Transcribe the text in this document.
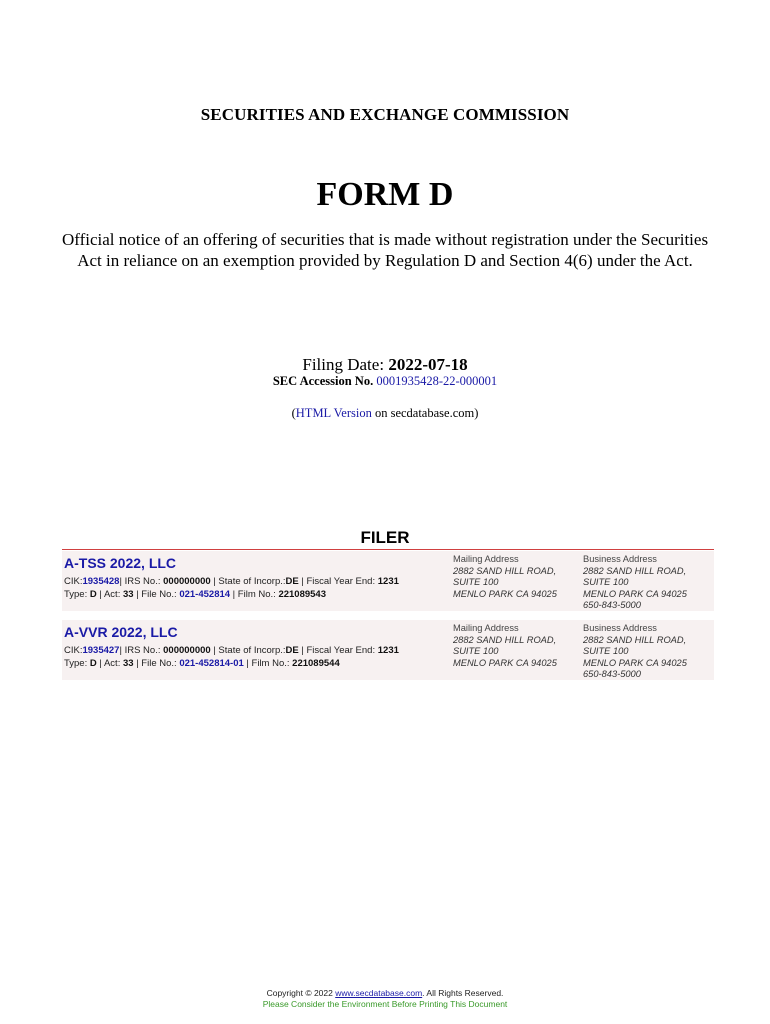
SECURITIES AND EXCHANGE COMMISSION
FORM D
Official notice of an offering of securities that is made without registration under the Securities Act in reliance on an exemption provided by Regulation D and Section 4(6) under the Act.
Filing Date: 2022-07-18
SEC Accession No. 0001935428-22-000001
(HTML Version on secdatabase.com)
FILER
A-TSS 2022, LLC
CIK:1935428| IRS No.: 000000000 | State of Incorp.:DE | Fiscal Year End: 1231
Type: D | Act: 33 | File No.: 021-452814 | Film No.: 221089543
Mailing Address
2882 SAND HILL ROAD,
SUITE 100
MENLO PARK CA 94025
Business Address
2882 SAND HILL ROAD,
SUITE 100
MENLO PARK CA 94025
650-843-5000
A-VVR 2022, LLC
CIK:1935427| IRS No.: 000000000 | State of Incorp.:DE | Fiscal Year End: 1231
Type: D | Act: 33 | File No.: 021-452814-01 | Film No.: 221089544
Mailing Address
2882 SAND HILL ROAD,
SUITE 100
MENLO PARK CA 94025
Business Address
2882 SAND HILL ROAD,
SUITE 100
MENLO PARK CA 94025
650-843-5000
Copyright © 2022 www.secdatabase.com. All Rights Reserved.
Please Consider the Environment Before Printing This Document
